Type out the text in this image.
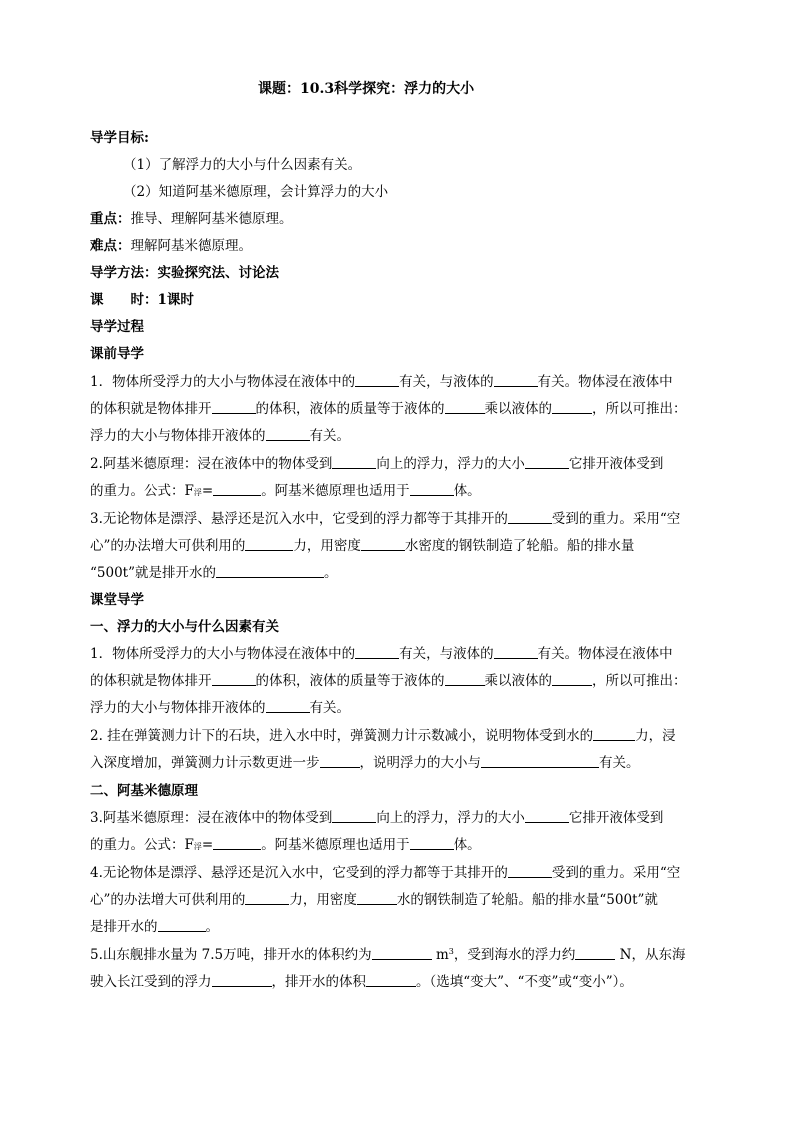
课题：10.3科学探究：浮力的大小
导学目标:
（1）了解浮力的大小与什么因素有关。
（2）知道阿基米德原理，会计算浮力的大小
重点：推导、理解阿基米德原理。
难点：理解阿基米德原理。
导学方法：实验探究法、讨论法
课　　时：1课时
导学过程
课前导学
1．物体所受浮力的大小与物体浸在液体中的	有关，与液体的	有关。物体浸在液体中
的体积就是物体排开	的体积，液体的质量等于液体的	乘以液体的	，所以可推出：
浮力的大小与物体排开液体的	有关。
2.阿基米德原理：浸在液体中的物体受到	向上的浮力，浮力的大小	它排开液体受到
的重力。公式：F浮=	。阿基米德原理也适用于	体。
3.无论物体是漂浮、悬浮还是沉入水中，它受到的浮力都等于其排开的	受到的重力。采用“空
心”的办法增大可供利用的	力，用密度	水密度的钢铁制造了轮船。船的排水量
“500t”就是排开水的	。
课堂导学
一、浮力的大小与什么因素有关
1．物体所受浮力的大小与物体浸在液体中的	有关，与液体的	有关。物体浸在液体中
的体积就是物体排开	的体积，液体的质量等于液体的	乘以液体的	，所以可推出：
浮力的大小与物体排开液体的	有关。
2. 挂在弹簧测力计下的石块，进入水中时，弹簧测力计示数减小，说明物体受到水的	力，浸
入深度增加，弹簧测力计示数更进一步	，说明浮力的大小与	有关。
二、阿基米德原理
3.阿基米德原理：浸在液体中的物体受到	向上的浮力，浮力的大小	它排开液体受到
的重力。公式：F浮=	。阿基米德原理也适用于	体。
4.无论物体是漂浮、悬浮还是沉入水中，它受到的浮力都等于其排开的	受到的重力。采用“空
心”的办法增大可供利用的	力，用密度	水的钢铁制造了轮船。船的排水量“500t”就
是排开水的	。
5.山东舰排水量为 7.5万吨，排开水的体积约为	$m^3$，受到海水的浮力约	N，从东海
驶入长江受到的浮力	，排开水的体积	。（选填“变大”、“不变”或“变小”）。
